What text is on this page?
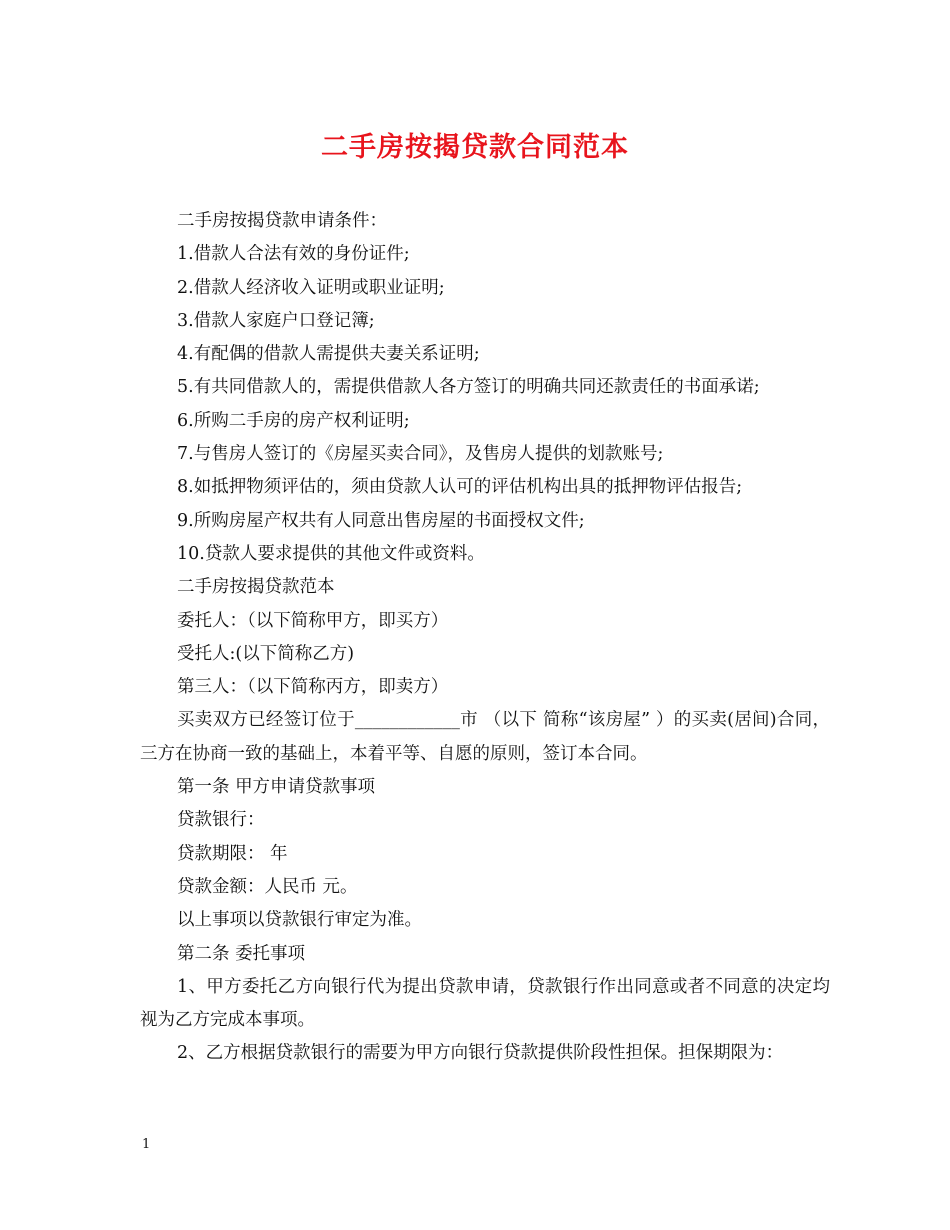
二手房按揭贷款合同范本
二手房按揭贷款申请条件：
1.借款人合法有效的身份证件;
2.借款人经济收入证明或职业证明;
3.借款人家庭户口登记簿;
4.有配偶的借款人需提供夫妻关系证明;
5.有共同借款人的，需提供借款人各方签订的明确共同还款责任的书面承诺;
6.所购二手房的房产权利证明;
7.与售房人签订的《房屋买卖合同》，及售房人提供的划款账号;
8.如抵押物须评估的，须由贷款人认可的评估机构出具的抵押物评估报告;
9.所购房屋产权共有人同意出售房屋的书面授权文件;
10.贷款人要求提供的其他文件或资料。
二手房按揭贷款范本
委托人：（以下简称甲方，即买方）
受托人:(以下简称乙方)
第三人：（以下简称丙方，即卖方）
买卖双方已经签订位于____________市 （以下 简称“该房屋” ）的买卖(居间)合同，三方在协商一致的基础上，本着平等、自愿的原则，签订本合同。
第一条 甲方申请贷款事项
贷款银行：
贷款期限： 年
贷款金额：人民币 元。
以上事项以贷款银行审定为准。
第二条 委托事项
1、甲方委托乙方向银行代为提出贷款申请，贷款银行作出同意或者不同意的决定均 视为乙方完成本事项。
2、乙方根据贷款银行的需要为甲方向银行贷款提供阶段性担保。担保期限为：
1
